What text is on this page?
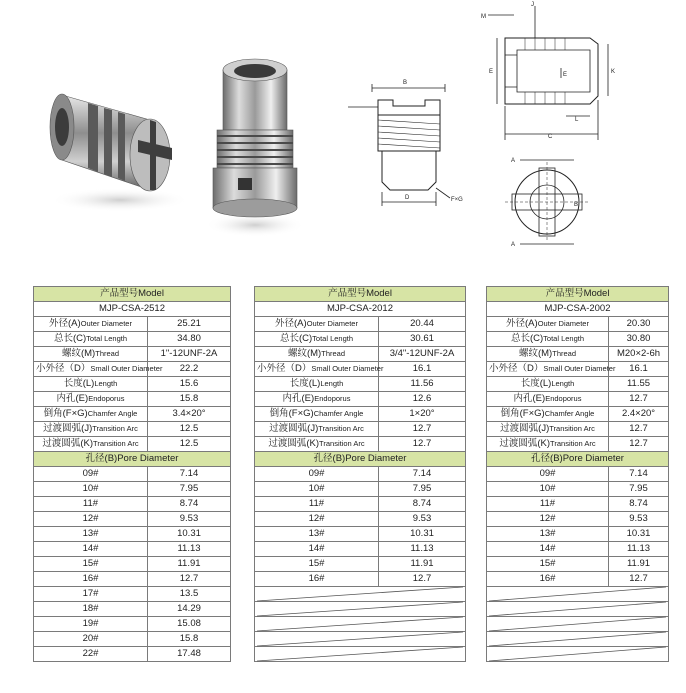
B
D	F×G
M
J
E
L
C
E	K
A
B
A
产品型号Model	
MJP-CSA-2512	
外径(A)Outer Diameter	25.21
总长(C)Total Length	34.80
螺纹(M)Thread	1"-12UNF-2A
小外径（D）Small Outer Diameter	22.2
长度(L)Length	15.6
内孔(E)Endoporus	15.8
倒角(F×G)Chamfer Angle	3.4×20°
过渡圆弧(J)Transition Arc	12.5
过渡圆弧(K)Transition Arc	12.5
孔径(B)Pore Diameter	
09#	7.14
10#	7.95
11#	8.74
12#	9.53
13#	10.31
14#	11.13
15#	11.91
16#	12.7
17#	13.5
18#	14.29
19#	15.08
20#	15.8
22#	17.48
产品型号Model	
MJP-CSA-2012	
外径(A)Outer Diameter	20.44
总长(C)Total Length	30.61
螺纹(M)Thread	3/4"-12UNF-2A
小外径（D）Small Outer Diameter	16.1
长度(L)Length	11.56
内孔(E)Endoporus	12.6
倒角(F×G)Chamfer Angle	1×20°
过渡圆弧(J)Transition Arc	12.7
过渡圆弧(K)Transition Arc	12.7
孔径(B)Pore Diameter	
09#	7.14
10#	7.95
11#	8.74
12#	9.53
13#	10.31
14#	11.13
15#	11.91
16#	12.7

产品型号Model	
MJP-CSA-2002	
外径(A)Outer Diameter	20.30
总长(C)Total Length	30.80
螺纹(M)Thread	M20×2-6h
小外径（D）Small Outer Diameter	16.1
长度(L)Length	11.55
内孔(E)Endoporus	12.7
倒角(F×G)Chamfer Angle	2.4×20°
过渡圆弧(J)Transition Arc	12.7
过渡圆弧(K)Transition Arc	12.7
孔径(B)Pore Diameter	
09#	7.14
10#	7.95
11#	8.74
12#	9.53
13#	10.31
14#	11.13
15#	11.91
16#	12.7
